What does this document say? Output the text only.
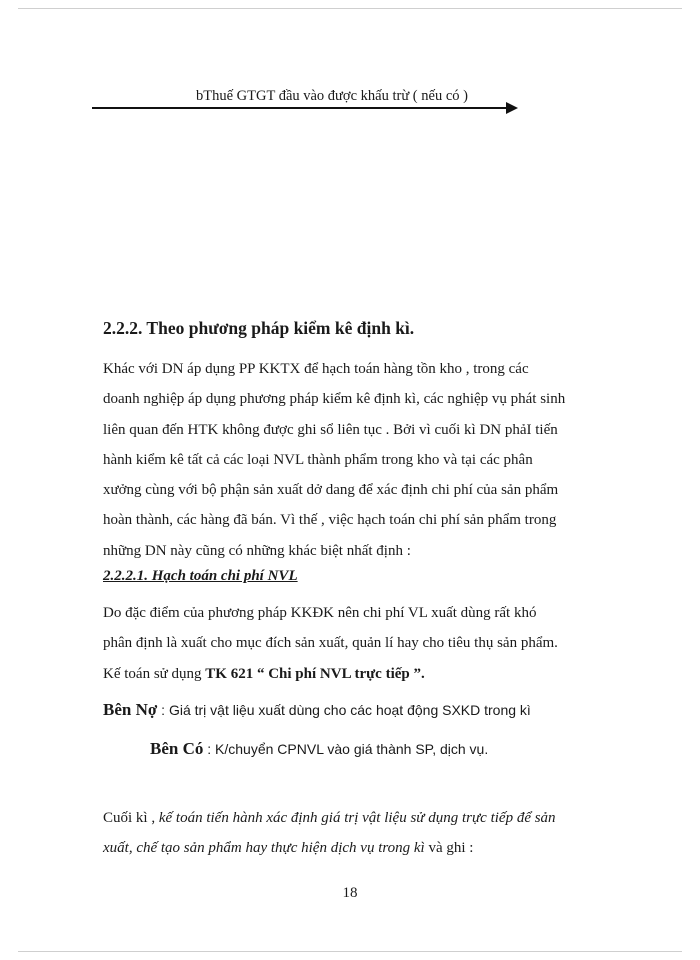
bThuế GTGT đầu vào được khấu trừ ( nếu có )
2.2.2. Theo phương pháp kiểm kê định kì.
Khác với DN áp dụng PP KKTX để hạch toán hàng tồn kho , trong các
doanh nghiệp áp dụng phương pháp kiểm kê định kì, các nghiệp vụ phát sinh
liên quan đến HTK không được ghi sổ liên tục . Bởi vì cuối kì DN phảI tiến
hành kiểm kê tất cả các loại NVL thành phẩm trong kho và tại các phân
xưởng cùng với bộ phận sản xuất dở dang để xác định chi phí của sản phẩm
hoàn thành, các hàng đã bán. Vì thế , việc hạch toán chi phí sản phẩm trong
những DN này cũng có những khác biệt nhất định :
2.2.2.1. Hạch toán chi phí NVL
Do đặc điểm của phương pháp KKĐK nên chi phí VL xuất dùng rất khó
phân định là xuất cho mục đích sản xuất, quản lí hay cho tiêu thụ sản phẩm.
Kế toán sử dụng TK 621 “ Chi phí NVL trực tiếp ”.
Bên Nợ : Giá trị vật liệu xuất dùng cho các hoạt động SXKD trong kì
Bên Có : K/chuyển CPNVL vào giá thành SP, dịch vụ.
Cuối kì , kế toán tiến hành xác định giá trị vật liệu sử dụng trực tiếp để sản
xuất, chế tạo sản phẩm hay thực hiện dịch vụ trong kì và ghi :
18
